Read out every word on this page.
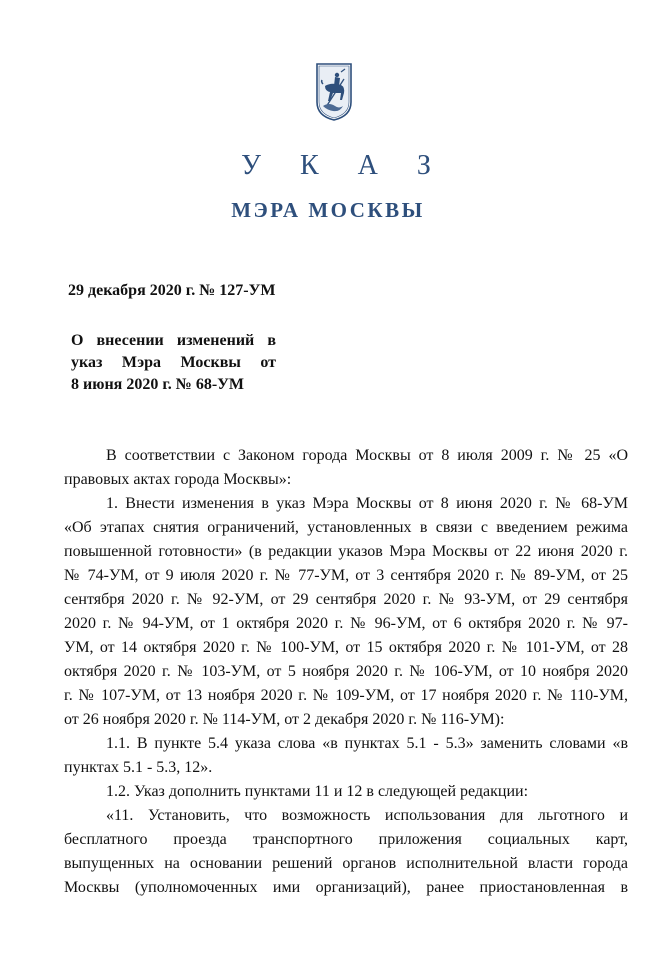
У К А З
МЭРА МОСКВЫ
29 декабря 2020 г. № 127-УМ
О внесении изменений в
указ Мэра Москвы от
8 июня 2020 г. № 68-УМ
В соответствии с Законом города Москвы от 8 июля 2009 г. № 25 «О
правовых актах города Москвы»:
1. Внести изменения в указ Мэра Москвы от 8 июня 2020 г. № 68-УМ
«Об этапах снятия ограничений, установленных в связи с введением режима
повышенной готовности» (в редакции указов Мэра Москвы от 22 июня 2020 г.
№ 74-УМ, от 9 июля 2020 г. № 77-УМ, от 3 сентября 2020 г. № 89-УМ, от 25
сентября 2020 г. № 92-УМ, от 29 сентября 2020 г. № 93-УМ, от 29 сентября
2020 г. № 94-УМ, от 1 октября 2020 г. № 96-УМ, от 6 октября 2020 г. № 97-
УМ, от 14 октября 2020 г. № 100-УМ, от 15 октября 2020 г. № 101-УМ, от 28
октября 2020 г. № 103-УМ, от 5 ноября 2020 г. № 106-УМ, от 10 ноября 2020
г. № 107-УМ, от 13 ноября 2020 г. № 109-УМ, от 17 ноября 2020 г. № 110-УМ,
от 26 ноября 2020 г. № 114-УМ, от 2 декабря 2020 г. № 116-УМ):
1.1. В пункте 5.4 указа слова «в пунктах 5.1 - 5.3» заменить словами «в
пунктах 5.1 - 5.3, 12».
1.2. Указ дополнить пунктами 11 и 12 в следующей редакции:
«11. Установить, что возможность использования для льготного и
бесплатного проезда транспортного приложения социальных карт,
выпущенных на основании решений органов исполнительной власти города
Москвы (уполномоченных ими организаций), ранее приостановленная в
